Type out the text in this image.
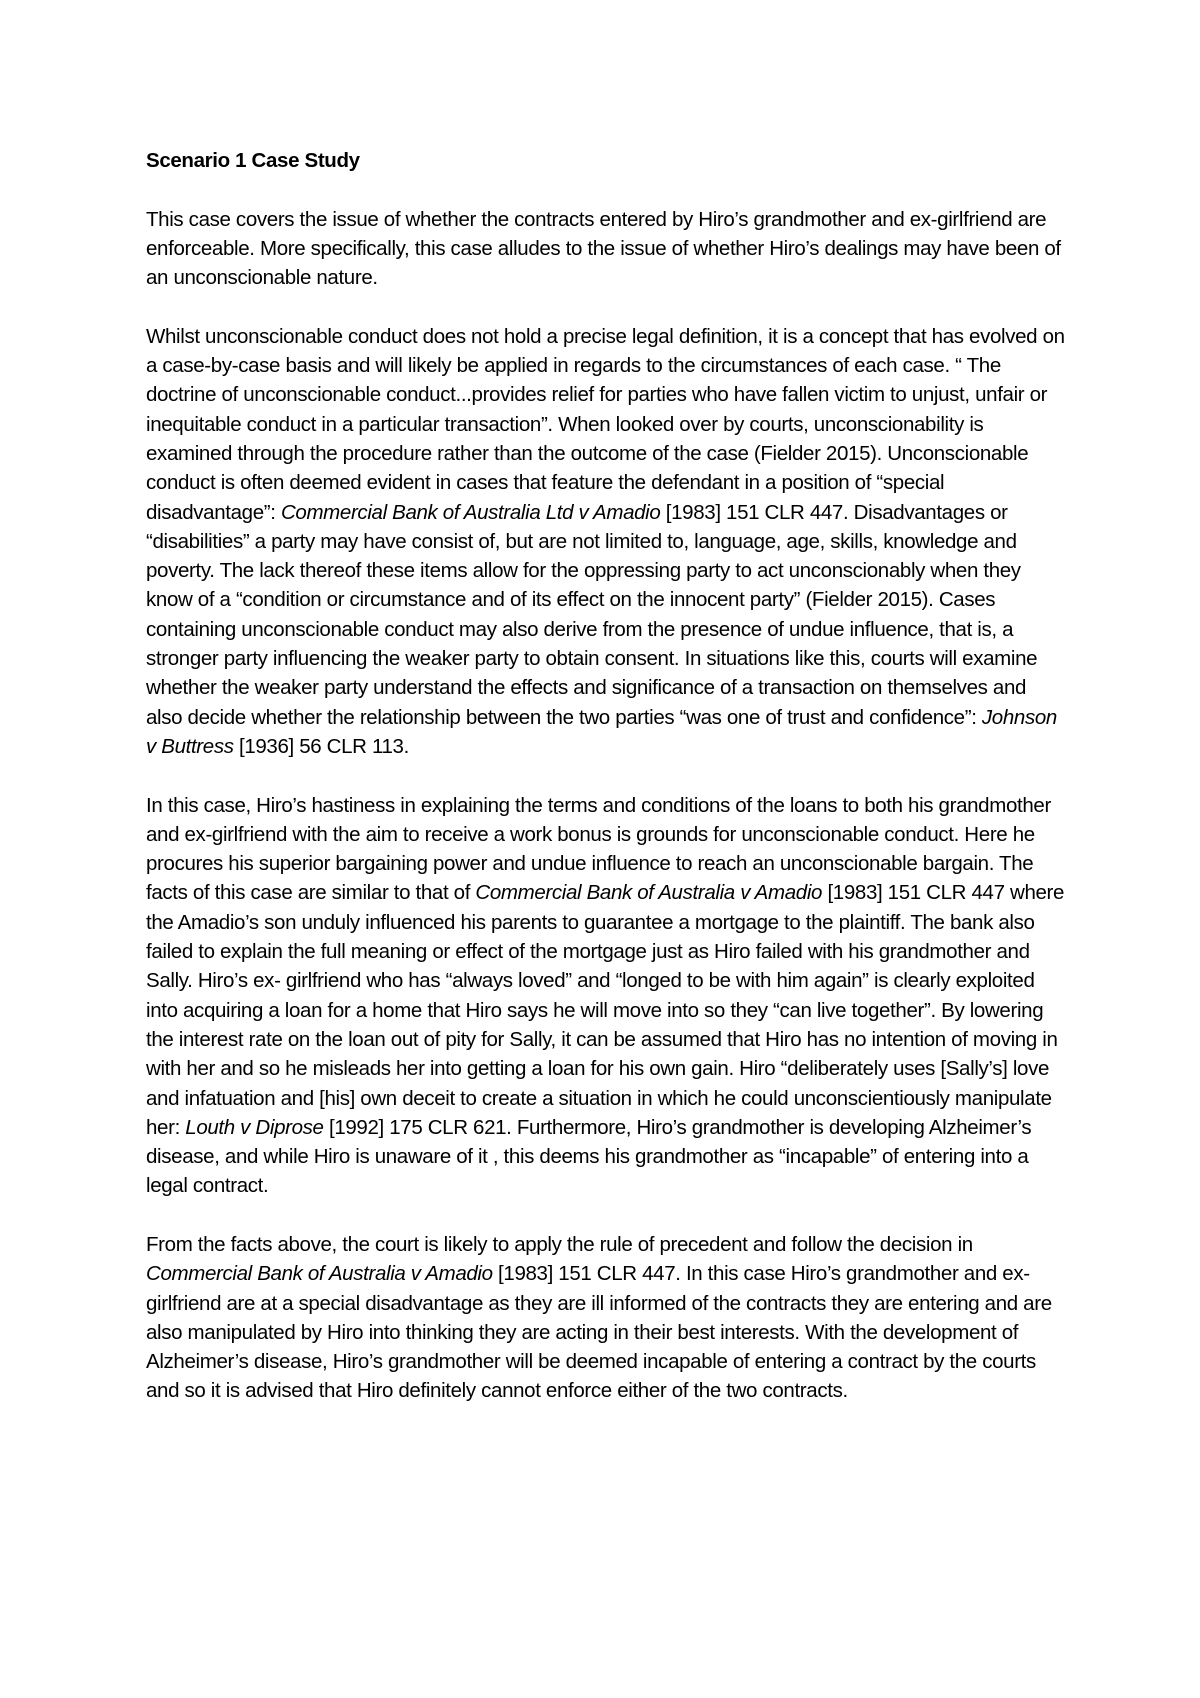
Scenario 1 Case Study
This case covers the issue of whether the contracts entered by Hiro’s grandmother and ex-girlfriend are enforceable. More specifically, this case alludes to the issue of whether Hiro’s dealings may have been of an unconscionable nature.
Whilst unconscionable conduct does not hold a precise legal definition, it is a concept that has evolved on a case-by-case basis and will likely be applied in regards to the circumstances of each case. “ The doctrine of unconscionable conduct...provides relief for parties who have fallen victim to unjust, unfair or inequitable conduct in a particular transaction”. When looked over by courts, unconscionability is examined through the procedure rather than the outcome of the case (Fielder 2015). Unconscionable conduct is often deemed evident in cases that feature the defendant in a position of “special disadvantage”: Commercial Bank of Australia Ltd v Amadio [1983] 151 CLR 447. Disadvantages or “disabilities” a party may have consist of, but are not limited to, language, age, skills, knowledge and poverty. The lack thereof these items allow for the oppressing party to act unconscionably when they know of a “condition or circumstance and of its effect on the innocent party” (Fielder 2015). Cases containing unconscionable conduct may also derive from the presence of undue influence, that is, a stronger party influencing the weaker party to obtain consent. In situations like this, courts will examine whether the weaker party understand the effects and significance of a transaction on themselves and also decide whether the relationship between the two parties “was one of trust and confidence”: Johnson v Buttress [1936] 56 CLR 113.
In this case, Hiro’s hastiness in explaining the terms and conditions of the loans to both his grandmother and ex-girlfriend with the aim to receive a work bonus is grounds for unconscionable conduct. Here he procures his superior bargaining power and undue influence to reach an unconscionable bargain. The facts of this case are similar to that of Commercial Bank of Australia v Amadio [1983] 151 CLR 447 where the Amadio’s son unduly influenced his parents to guarantee a mortgage to the plaintiff. The bank also failed to explain the full meaning or effect of the mortgage just as Hiro failed with his grandmother and Sally. Hiro’s ex- girlfriend who has “always loved” and “longed to be with him again” is clearly exploited into acquiring a loan for a home that Hiro says he will move into so they “can live together”. By lowering the interest rate on the loan out of pity for Sally, it can be assumed that Hiro has no intention of moving in with her and so he misleads her into getting a loan for his own gain. Hiro “deliberately uses [Sally’s] love and infatuation and [his] own deceit to create a situation in which he could unconscientiously manipulate her: Louth v Diprose [1992] 175 CLR 621. Furthermore, Hiro’s grandmother is developing Alzheimer’s disease, and while Hiro is unaware of it , this deems his grandmother as “incapable” of entering into a legal contract.
From the facts above, the court is likely to apply the rule of precedent and follow the decision in Commercial Bank of Australia v Amadio [1983] 151 CLR 447. In this case Hiro’s grandmother and ex-girlfriend are at a special disadvantage as they are ill informed of the contracts they are entering and are also manipulated by Hiro into thinking they are acting in their best interests. With the development of Alzheimer’s disease, Hiro’s grandmother will be deemed incapable of entering a contract by the courts and so it is advised that Hiro definitely cannot enforce either of the two contracts.
